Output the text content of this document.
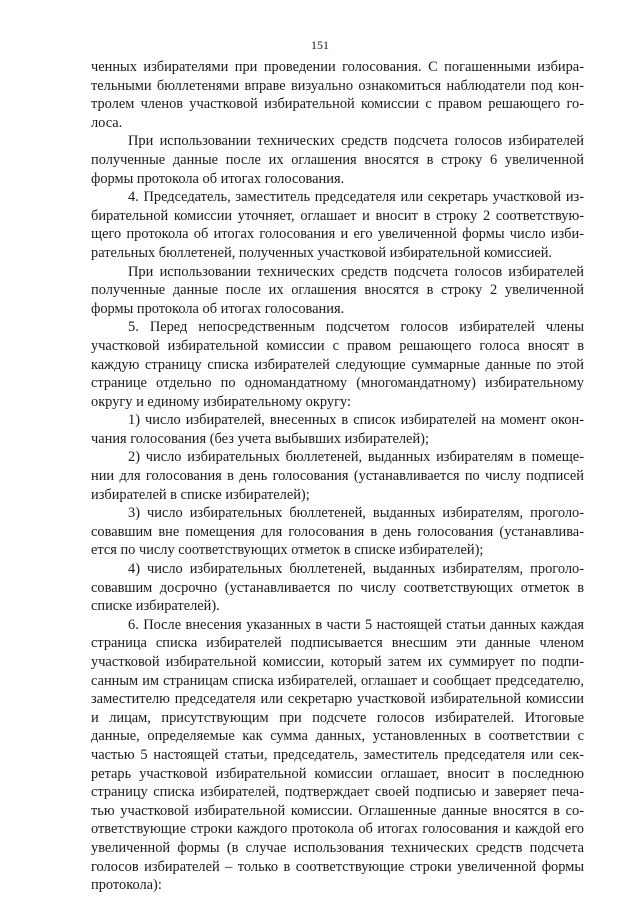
151

ченных избирателями при проведении голосования. С погашенными избирательными бюллетенями вправе визуально ознакомиться наблюдатели под контролем членов участковой избирательной комиссии с правом решающего голоса.

При использовании технических средств подсчета голосов избирателей полученные данные после их оглашения вносятся в строку 6 увеличенной формы протокола об итогах голосования.

4. Председатель, заместитель председателя или секретарь участковой избирательной комиссии уточняет, оглашает и вносит в строку 2 соответствующего протокола об итогах голосования и его увеличенной формы число избирательных бюллетеней, полученных участковой избирательной комиссией.

При использовании технических средств подсчета голосов избирателей полученные данные после их оглашения вносятся в строку 2 увеличенной формы протокола об итогах голосования.

5. Перед непосредственным подсчетом голосов избирателей члены участковой избирательной комиссии с правом решающего голоса вносят в каждую страницу списка избирателей следующие суммарные данные по этой странице отдельно по одномандатному (многомандатному) избирательному округу и единому избирательному округу:

1) число избирателей, внесенных в список избирателей на момент окончания голосования (без учета выбывших избирателей);

2) число избирательных бюллетеней, выданных избирателям в помещении для голосования в день голосования (устанавливается по числу подписей избирателей в списке избирателей);

3) число избирательных бюллетеней, выданных избирателям, проголосовавшим вне помещения для голосования в день голосования (устанавливается по числу соответствующих отметок в списке избирателей);

4) число избирательных бюллетеней, выданных избирателям, проголосовавшим досрочно (устанавливается по числу соответствующих отметок в списке избирателей).

6. После внесения указанных в части 5 настоящей статьи данных каждая страница списка избирателей подписывается внесшим эти данные членом участковой избирательной комиссии, который затем их суммирует по подписанным им страницам списка избирателей, оглашает и сообщает председателю, заместителю председателя или секретарю участковой избирательной комиссии и лицам, присутствующим при подсчете голосов избирателей. Итоговые данные, определяемые как сумма данных, установленных в соответствии с частью 5 настоящей статьи, председатель, заместитель председателя или секретарь участковой избирательной комиссии оглашает, вносит в последнюю страницу списка избирателей, подтверждает своей подписью и заверяет печатью участковой избирательной комиссии. Оглашенные данные вносятся в соответствующие строки каждого протокола об итогах голосования и каждой его увеличенной формы (в случае использования технических средств подсчета голосов избирателей – только в соответствующие строки увеличенной формы протокола):
